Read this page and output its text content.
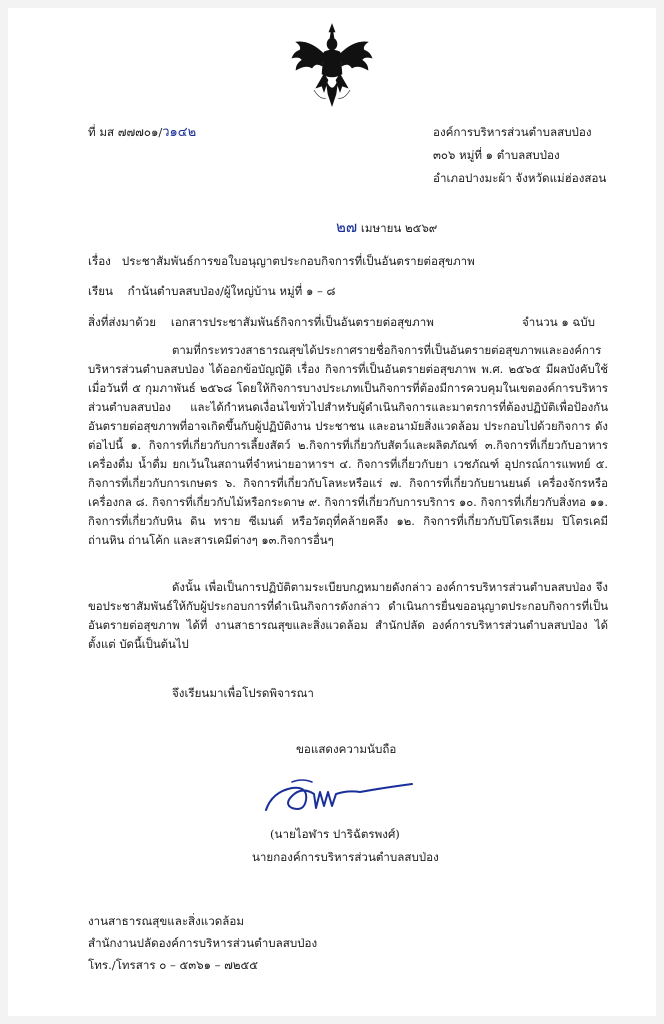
ที่ มส ๗๗๗๐๑/ว๑๔๒	องค์การบริหารส่วนตำบลสบป่อง
๓๐๖ หมู่ที่ ๑ ตำบลสบป่อง
อำเภอปางมะผ้า จังหวัดแม่ฮ่องสอน
๒๗ เมษายน ๒๕๖๙
เรื่อง ประชาสัมพันธ์การขอใบอนุญาตประกอบกิจการที่เป็นอันตรายต่อสุขภาพ
เรียน กำนันตำบลสบป่อง/ผู้ใหญ่บ้าน หมู่ที่ ๑ – ๘
สิ่งที่ส่งมาด้วย เอกสารประชาสัมพันธ์กิจการที่เป็นอันตรายต่อสุขภาพ	จำนวน ๑ ฉบับ
ตามที่กระทรวงสาธารณสุขได้ประกาศรายชื่อกิจการที่เป็นอันตรายต่อสุขภาพและองค์การบริหารส่วนตำบลสบป่อง ได้ออกข้อบัญญัติ เรื่อง กิจการที่เป็นอันตรายต่อสุขภาพ พ.ศ. ๒๕๖๕ มีผลบังคับใช้เมื่อวันที่ ๕ กุมภาพันธ์ ๒๕๖๘ โดยให้กิจการบางประเภทเป็นกิจการที่ต้องมีการควบคุมในเขตองค์การบริหารส่วนตำบลสบป่อง และได้กำหนดเงื่อนไขทั่วไปสำหรับผู้ดำเนินกิจการและมาตรการที่ต้องปฏิบัติเพื่อป้องกันอันตรายต่อสุขภาพที่อาจเกิดขึ้นกับผู้ปฏิบัติงาน ประชาชน และอนามัยสิ่งแวดล้อม ประกอบไปด้วยกิจการ ดังต่อไปนี้ ๑. กิจการที่เกี่ยวกับการเลี้ยงสัตว์ ๒.กิจการที่เกี่ยวกับสัตว์และผลิตภัณฑ์ ๓.กิจการที่เกี่ยวกับอาหาร เครื่องดื่ม น้ำดื่ม ยกเว้นในสถานที่จำหน่ายอาหารฯ ๔. กิจการที่เกี่ยวกับยา เวชภัณฑ์ อุปกรณ์การแพทย์ ๕. กิจการที่เกี่ยวกับการเกษตร ๖. กิจการที่เกี่ยวกับโลหะหรือแร่ ๗. กิจการที่เกี่ยวกับยานยนต์ เครื่องจักรหรือเครื่องกล ๘. กิจการที่เกี่ยวกับไม้หรือกระดาษ ๙. กิจการที่เกี่ยวกับการบริการ ๑๐. กิจการที่เกี่ยวกับสิ่งทอ ๑๑. กิจการที่เกี่ยวกับหิน ดิน ทราย ซีเมนต์ หรือวัตถุที่คล้ายคลึง ๑๒. กิจการที่เกี่ยวกับปิโตรเลียม ปิโตรเคมี ถ่านหิน ถ่านโค้ก และสารเคมีต่างๆ ๑๓.กิจการอื่นๆ
ดังนั้น เพื่อเป็นการปฏิบัติตามระเบียบกฎหมายดังกล่าว องค์การบริหารส่วนตำบลสบป่อง จึงขอประชาสัมพันธ์ให้กับผู้ประกอบการที่ดำเนินกิจการดังกล่าว ดำเนินการยื่นขออนุญาตประกอบกิจการที่เป็นอันตรายต่อสุขภาพ ได้ที่ งานสาธารณสุขและสิ่งแวดล้อม สำนักปลัด องค์การบริหารส่วนตำบลสบป่อง ได้ตั้งแต่ บัดนี้เป็นต้นไป
จึงเรียนมาเพื่อโปรดพิจารณา
ขอแสดงความนับถือ
(นายไอฬาร ปาริฉัตรพงศ์)
นายกองค์การบริหารส่วนตำบลสบป่อง
งานสาธารณสุขและสิ่งแวดล้อม
สำนักงานปลัดองค์การบริหารส่วนตำบลสบป่อง
โทร./โทรสาร ๐ – ๕๓๖๑ – ๗๒๕๕
